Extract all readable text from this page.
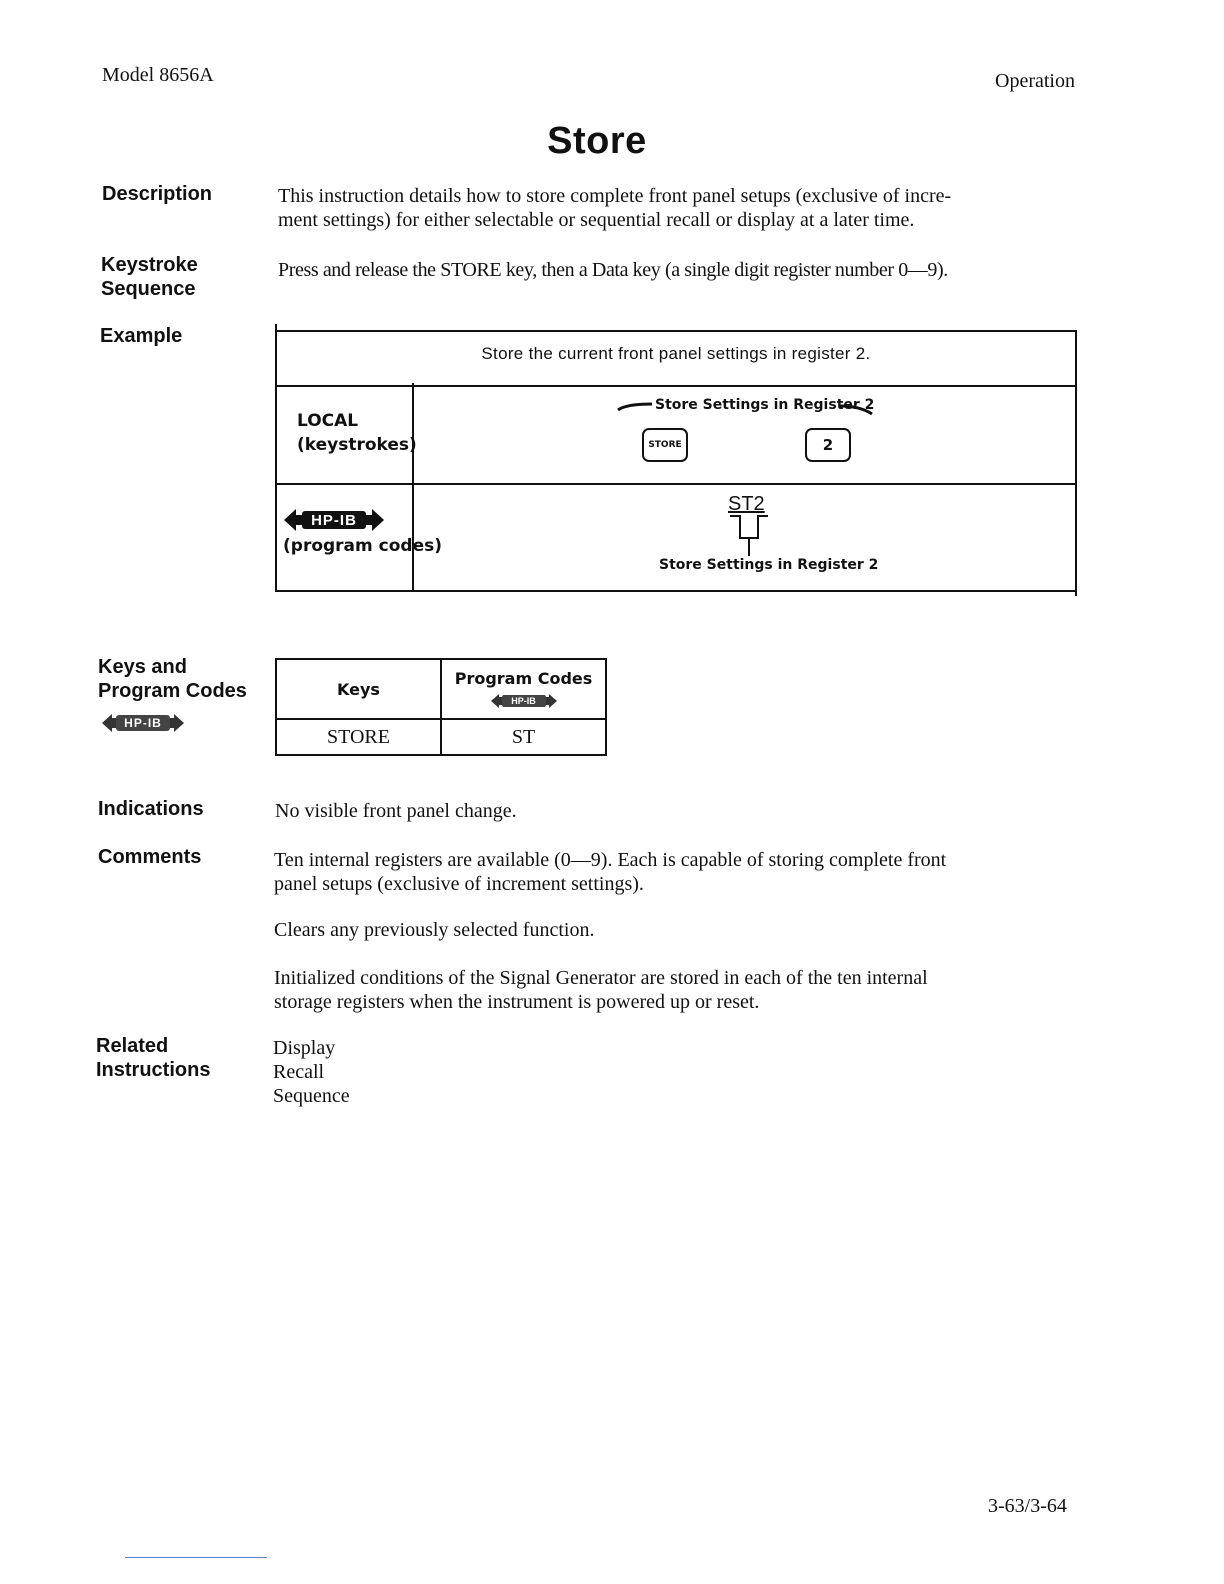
Model 8656A	Operation
Store
Description	This instruction details how to store complete front panel setups (exclusive of incre-
ment settings) for either selectable or sequential recall or display at a later time.
Keystroke
Sequence
Press and release the STORE key, then a Data key (a single digit register number 0—9).
Example
Store the current front panel settings in register 2.
LOCAL
(keystrokes)
Store Settings in Register 2
STORE	2
HP-IB
(program codes)
ST2
Store Settings in Register 2
Keys and
Program Codes
HP-IB
Keys	Program Codes
HP-IB

STORE	ST
Indications	No visible front panel change.
Comments	Ten internal registers are available (0—9). Each is capable of storing complete front
panel setups (exclusive of increment settings).
Clears any previously selected function.
Initialized conditions of the Signal Generator are stored in each of the ten internal
storage registers when the instrument is powered up or reset.
Related
Instructions
Display
Recall
Sequence
3-63/3-64
